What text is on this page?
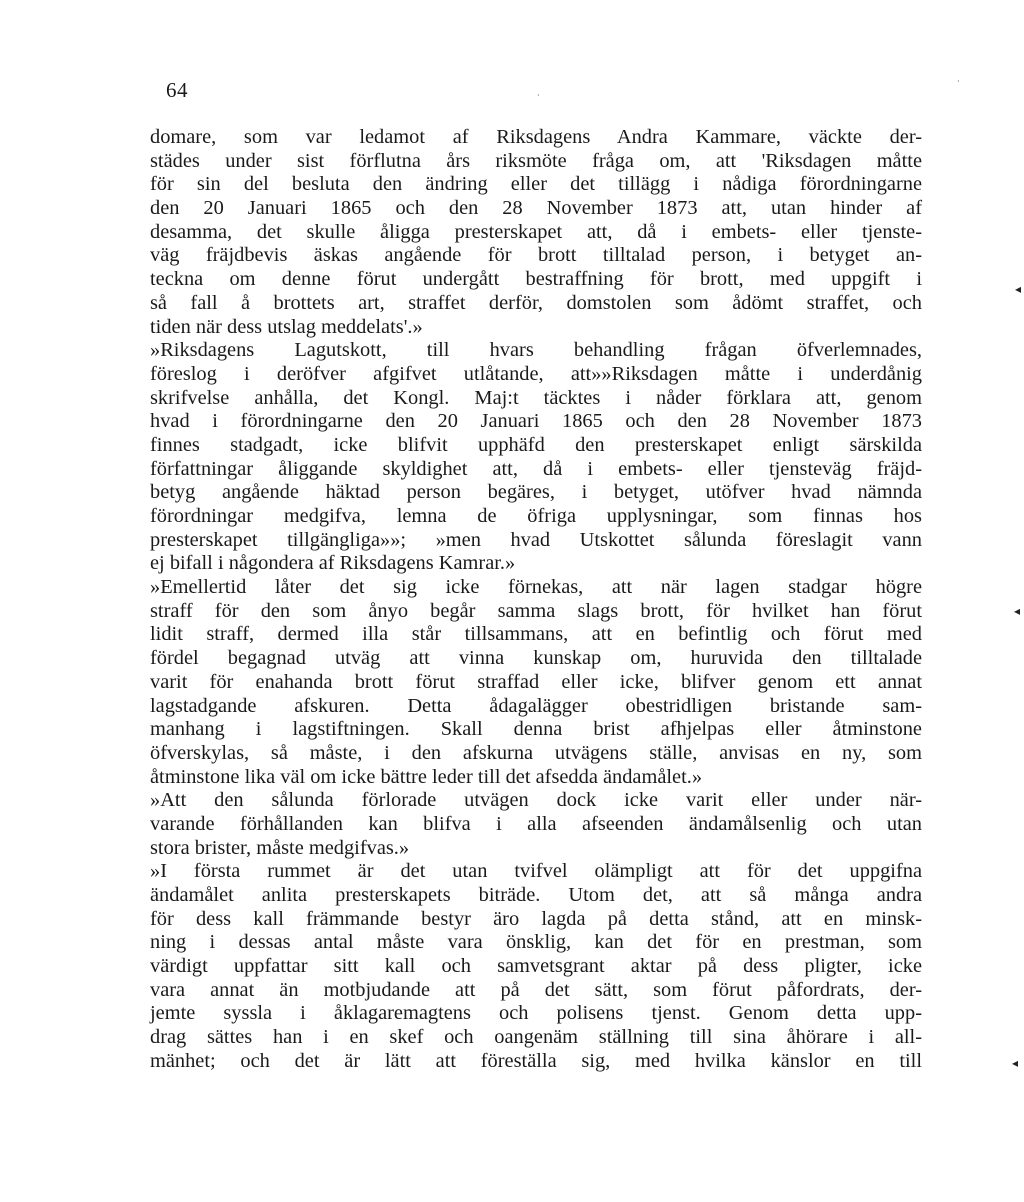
64
domare, som var ledamot af Riksdagens Andra Kammare, väckte der-
städes under sist förflutna års riksmöte fråga om, att 'Riksdagen måtte
för sin del besluta den ändring eller det tillägg i nådiga förordningarne
den 20 Januari 1865 och den 28 November 1873 att, utan hinder af
desamma, det skulle åligga presterskapet att, då i embets- eller tjenste-
väg fräjdbevis äskas angående för brott tilltalad person, i betyget an-
teckna om denne förut undergått bestraffning för brott, med uppgift i
så fall å brottets art, straffet derför, domstolen som ådömt straffet, och
tiden när dess utslag meddelats'.»
»Riksdagens Lagutskott, till hvars behandling frågan öfverlemnades,
föreslog i deröfver afgifvet utlåtande, att»»Riksdagen måtte i underdånig
skrifvelse anhålla, det Kongl. Maj:t täcktes i nåder förklara att, genom
hvad i förordningarne den 20 Januari 1865 och den 28 November 1873
finnes stadgadt, icke blifvit upphäfd den presterskapet enligt särskilda
författningar åliggande skyldighet att, då i embets- eller tjensteväg fräjd-
betyg angående häktad person begäres, i betyget, utöfver hvad nämnda
förordningar medgifva, lemna de öfriga upplysningar, som finnas hos
presterskapet tillgängliga»»; »men hvad Utskottet sålunda föreslagit vann
ej bifall i någondera af Riksdagens Kamrar.»
»Emellertid låter det sig icke förnekas, att när lagen stadgar högre
straff för den som ånyo begår samma slags brott, för hvilket han förut
lidit straff, dermed illa står tillsammans, att en befintlig och förut med
fördel begagnad utväg att vinna kunskap om, huruvida den tilltalade
varit för enahanda brott förut straffad eller icke, blifver genom ett annat
lagstadgande afskuren. Detta ådagalägger obestridligen bristande sam-
manhang i lagstiftningen. Skall denna brist afhjelpas eller åtminstone
öfverskylas, så måste, i den afskurna utvägens ställe, anvisas en ny, som
åtminstone lika väl om icke bättre leder till det afsedda ändamålet.»
»Att den sålunda förlorade utvägen dock icke varit eller under när-
varande förhållanden kan blifva i alla afseenden ändamålsenlig och utan
stora brister, måste medgifvas.»
»I första rummet är det utan tvifvel olämpligt att för det uppgifna
ändamålet anlita presterskapets biträde. Utom det, att så många andra
för dess kall främmande bestyr äro lagda på detta stånd, att en minsk-
ning i dessas antal måste vara önsklig, kan det för en prestman, som
värdigt uppfattar sitt kall och samvetsgrant aktar på dess pligter, icke
vara annat än motbjudande att på det sätt, som förut påfordrats, der-
jemte syssla i åklagaremagtens och polisens tjenst. Genom detta upp-
drag sättes han i en skef och oangenäm ställning till sina åhörare i all-
mänhet; och det är lätt att föreställa sig, med hvilka känslor en till
◂
◂
◂
·
·
